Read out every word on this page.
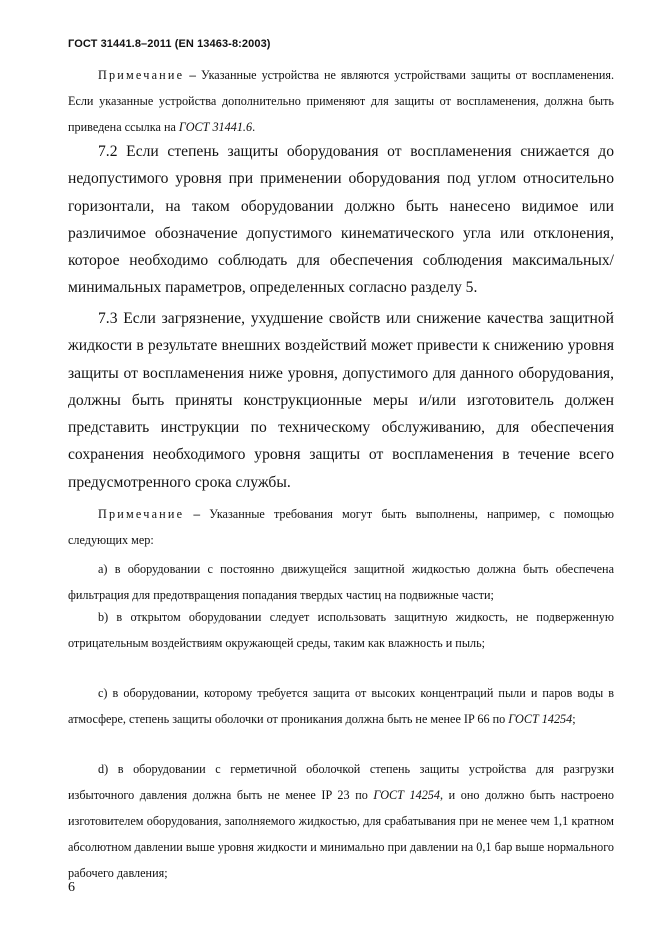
ГОСТ 31441.8–2011 (EN 13463-8:2003)
Примечание – Указанные устройства не являются устройствами защиты от воспламенения. Если указанные устройства дополнительно применяют для защиты от воспламенения, должна быть приведена ссылка на ГОСТ 31441.6.
7.2 Если степень защиты оборудования от воспламенения снижается до недопустимого уровня при применении оборудования под углом относительно горизонтали, на таком оборудовании должно быть нанесено видимое или различимое обозначение допустимого кинематического угла или отклонения, которое необходимо соблюдать для обеспечения соблюдения максимальных/минимальных параметров, определенных согласно разделу 5.
7.3 Если загрязнение, ухудшение свойств или снижение качества защитной жидкости в результате внешних воздействий может привести к снижению уровня защиты от воспламенения ниже уровня, допустимого для данного оборудования, должны быть приняты конструкционные меры и/или изготовитель должен представить инструкции по техническому обслуживанию, для обеспечения сохранения необходимого уровня защиты от воспламенения в течение всего предусмотренного срока службы.
Примечание – Указанные требования могут быть выполнены, например, с помощью следующих мер:
а) в оборудовании с постоянно движущейся защитной жидкостью должна быть обеспечена фильтрация для предотвращения попадания твердых частиц на подвижные части;
b) в открытом оборудовании следует использовать защитную жидкость, не подверженную отрицательным воздействиям окружающей среды, таким как влажность и пыль;
c) в оборудовании, которому требуется защита от высоких концентраций пыли и паров воды в атмосфере, степень защиты оболочки от проникания должна быть не менее IP 66 по ГОСТ 14254;
d) в оборудовании с герметичной оболочкой степень защиты устройства для разгрузки избыточного давления должна быть не менее IP 23 по ГОСТ 14254, и оно должно быть настроено изготовителем оборудования, заполняемого жидкостью, для срабатывания при не менее чем 1,1 кратном абсолютном давлении выше уровня жидкости и минимально при давлении на 0,1 бар выше нормального рабочего давления;
6
